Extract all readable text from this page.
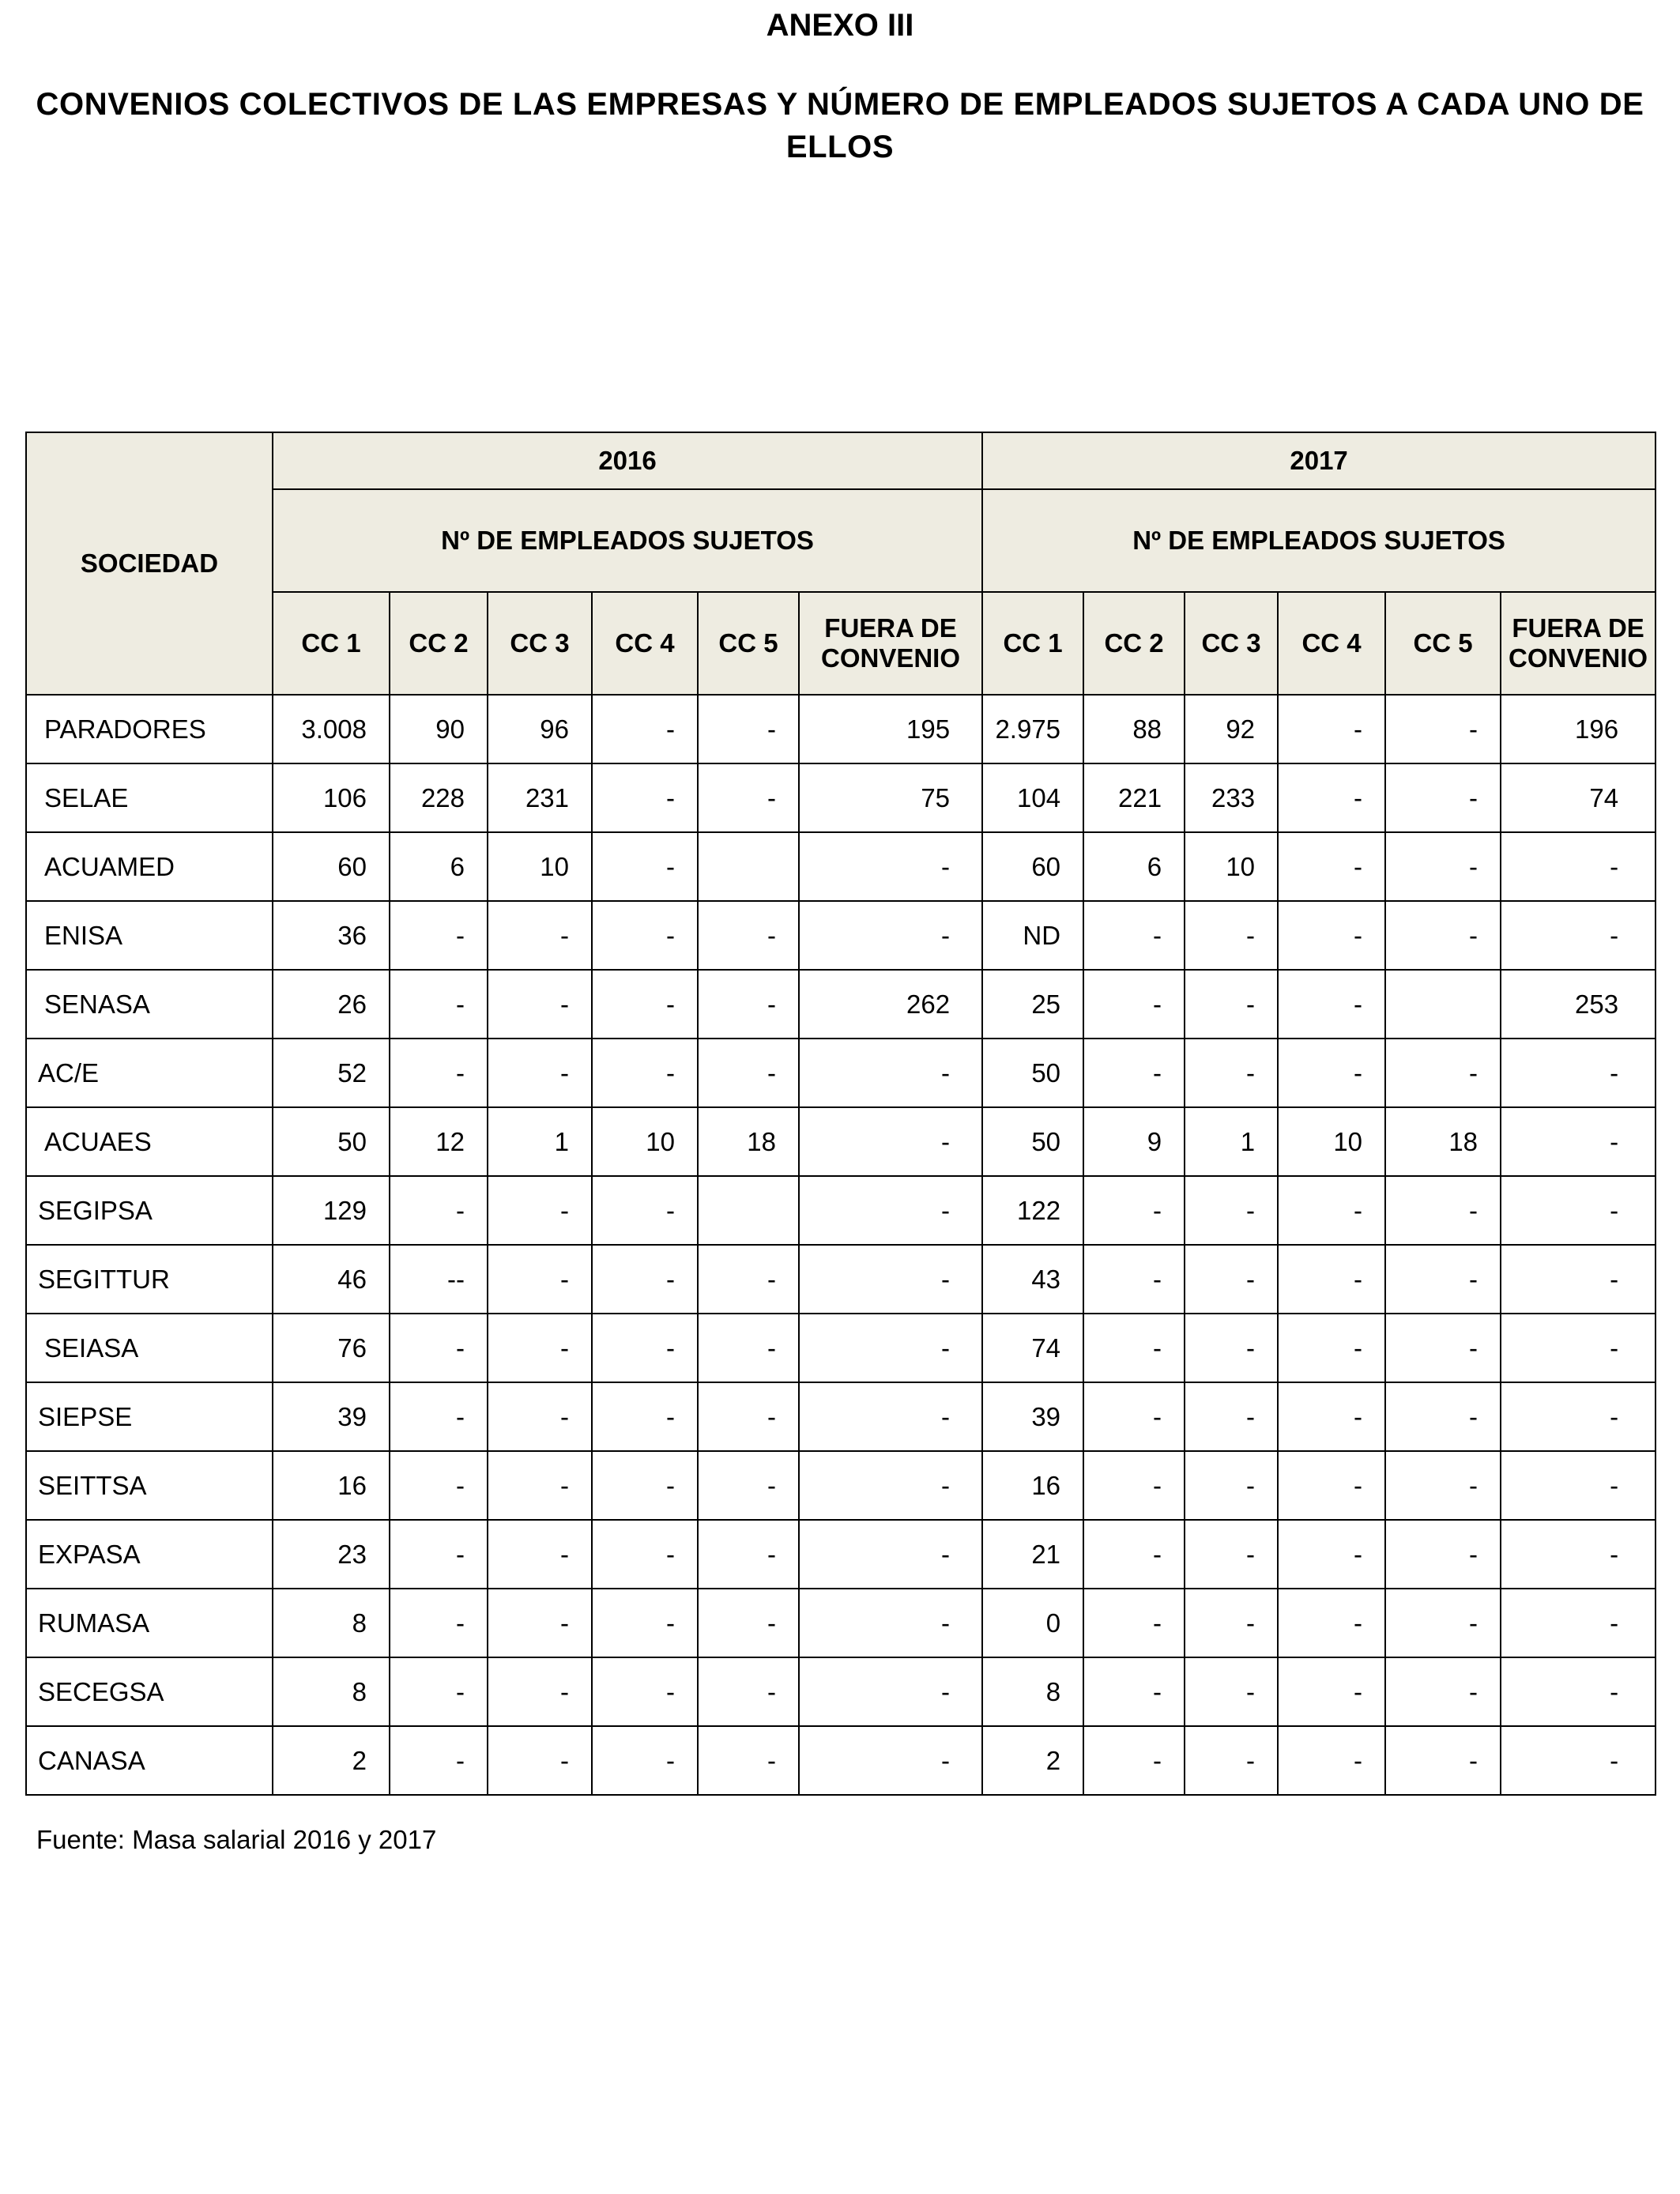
ANEXO III
CONVENIOS COLECTIVOS DE LAS EMPRESAS Y NÚMERO DE EMPLEADOS SUJETOS A CADA UNO DE ELLOS
SOCIEDAD	2016						2017					
	Nº DE EMPLEADOS SUJETOS						Nº DE EMPLEADOS SUJETOS					
	CC 1	CC 2	CC 3	CC 4	CC 5	FUERA DE CONVENIO	CC 1	CC 2	CC 3	CC 4	CC 5	FUERA DE CONVENIO
PARADORES	3.008	90	96	-	-	195	2.975	88	92	-	-	196
SELAE	106	228	231	-	-	75	104	221	233	-	-	74
ACUAMED	60	6	10	-		-	60	6	10	-	-	-
ENISA	36	-	-	-	-	-	ND	-	-	-	-	-
SENASA	26	-	-	-	-	262	25	-	-	-		253
AC/E	52	-	-	-	-	-	50	-	-	-	-	-
ACUAES	50	12	1	10	18	-	50	9	1	10	18	-
SEGIPSA	129	-	-	-		-	122	-	-	-	-	-
SEGITTUR	46	--	-	-	-	-	43	-	-	-	-	-
SEIASA	76	-	-	-	-	-	74	-	-	-	-	-
SIEPSE	39	-	-	-	-	-	39	-	-	-	-	-
SEITTSA	16	-	-	-	-	-	16	-	-	-	-	-
EXPASA	23	-	-	-	-	-	21	-	-	-	-	-
RUMASA	8	-	-	-	-	-	0	-	-	-	-	-
SECEGSA	8	-	-	-	-	-	8	-	-	-	-	-
CANASA	2	-	-	-	-	-	2	-	-	-	-	-
Fuente: Masa salarial 2016 y 2017
